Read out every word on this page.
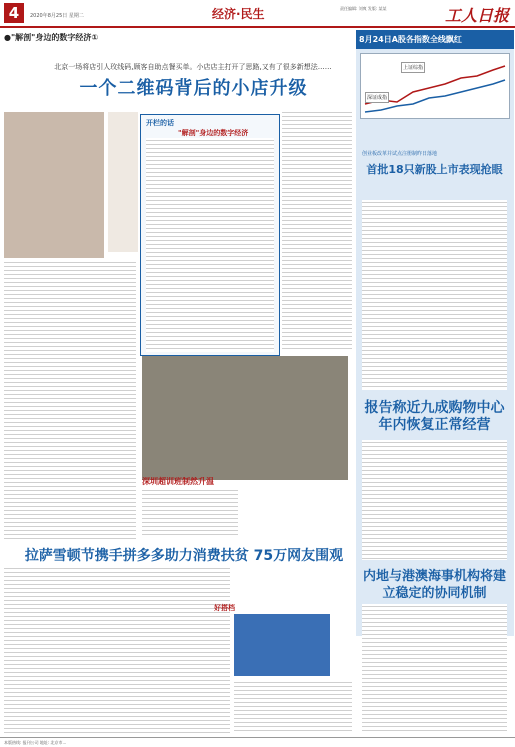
4	2020年8月25日 星期二	经济·民生	责任编辑: 刘爽 发版: 某某	工人日报
●"解剖"身边的数字经济①
北京一场将店引人玫线码,顾客自助点餐买单。小店店主打开了思路,又有了很多新想法……
一个二维码背后的小店升级
开栏的话
"解剖"身边的数字经济
深圳超训班制然升温
拉萨雪顿节携手拼多多助力消费扶贫 75万网友围观
好搭档
8月24日A股各指数全线飘红
上证综指
深证成指
创业板改革并试点注册制昨日落地
首批18只新股上市表现抢眼
报告称近九成购物中心年内恢复正常经营
内地与港澳海事机构将建立稳定的协同机制
本版热线: 报刊公司 地址: 北京市...
